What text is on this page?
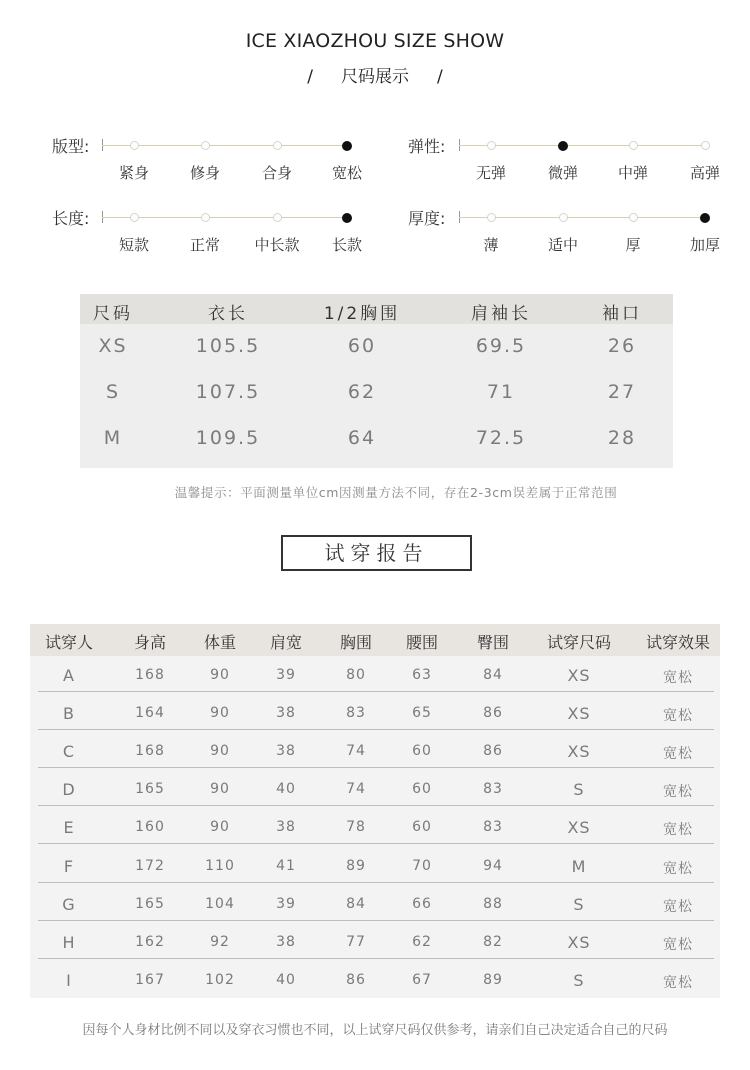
ICE XIAOZHOU SIZE SHOW
/ 尺码展示 /
版型:
紧身	修身	合身	宽松
弹性:
无弹	微弹	中弹	高弹
长度:
短款	正常	中长款	长款
厚度:
薄	适中	厚	加厚
尺码	衣长	1/2胸围	肩袖长	袖口
XS	105.5	60	69.5	26
S	107.5	62	71	27
M	109.5	64	72.5	28
温馨提示：平面测量单位cm因测量方法不同，存在2-3cm误差属于正常范围
试穿报告
试穿人	身高	体重	肩宽	胸围	腰围	臀围	试穿尺码	试穿效果
A	168	90	39	80	63	84	XS	宽松
B	164	90	38	83	65	86	XS	宽松
C	168	90	38	74	60	86	XS	宽松
D	165	90	40	74	60	83	S	宽松
E	160	90	38	78	60	83	XS	宽松
F	172	110	41	89	70	94	M	宽松
G	165	104	39	84	66	88	S	宽松
H	162	92	38	77	62	82	XS	宽松
I	167	102	40	86	67	89	S	宽松
因每个人身材比例不同以及穿衣习惯也不同，以上试穿尺码仅供参考，请亲们自己决定适合自己的尺码
